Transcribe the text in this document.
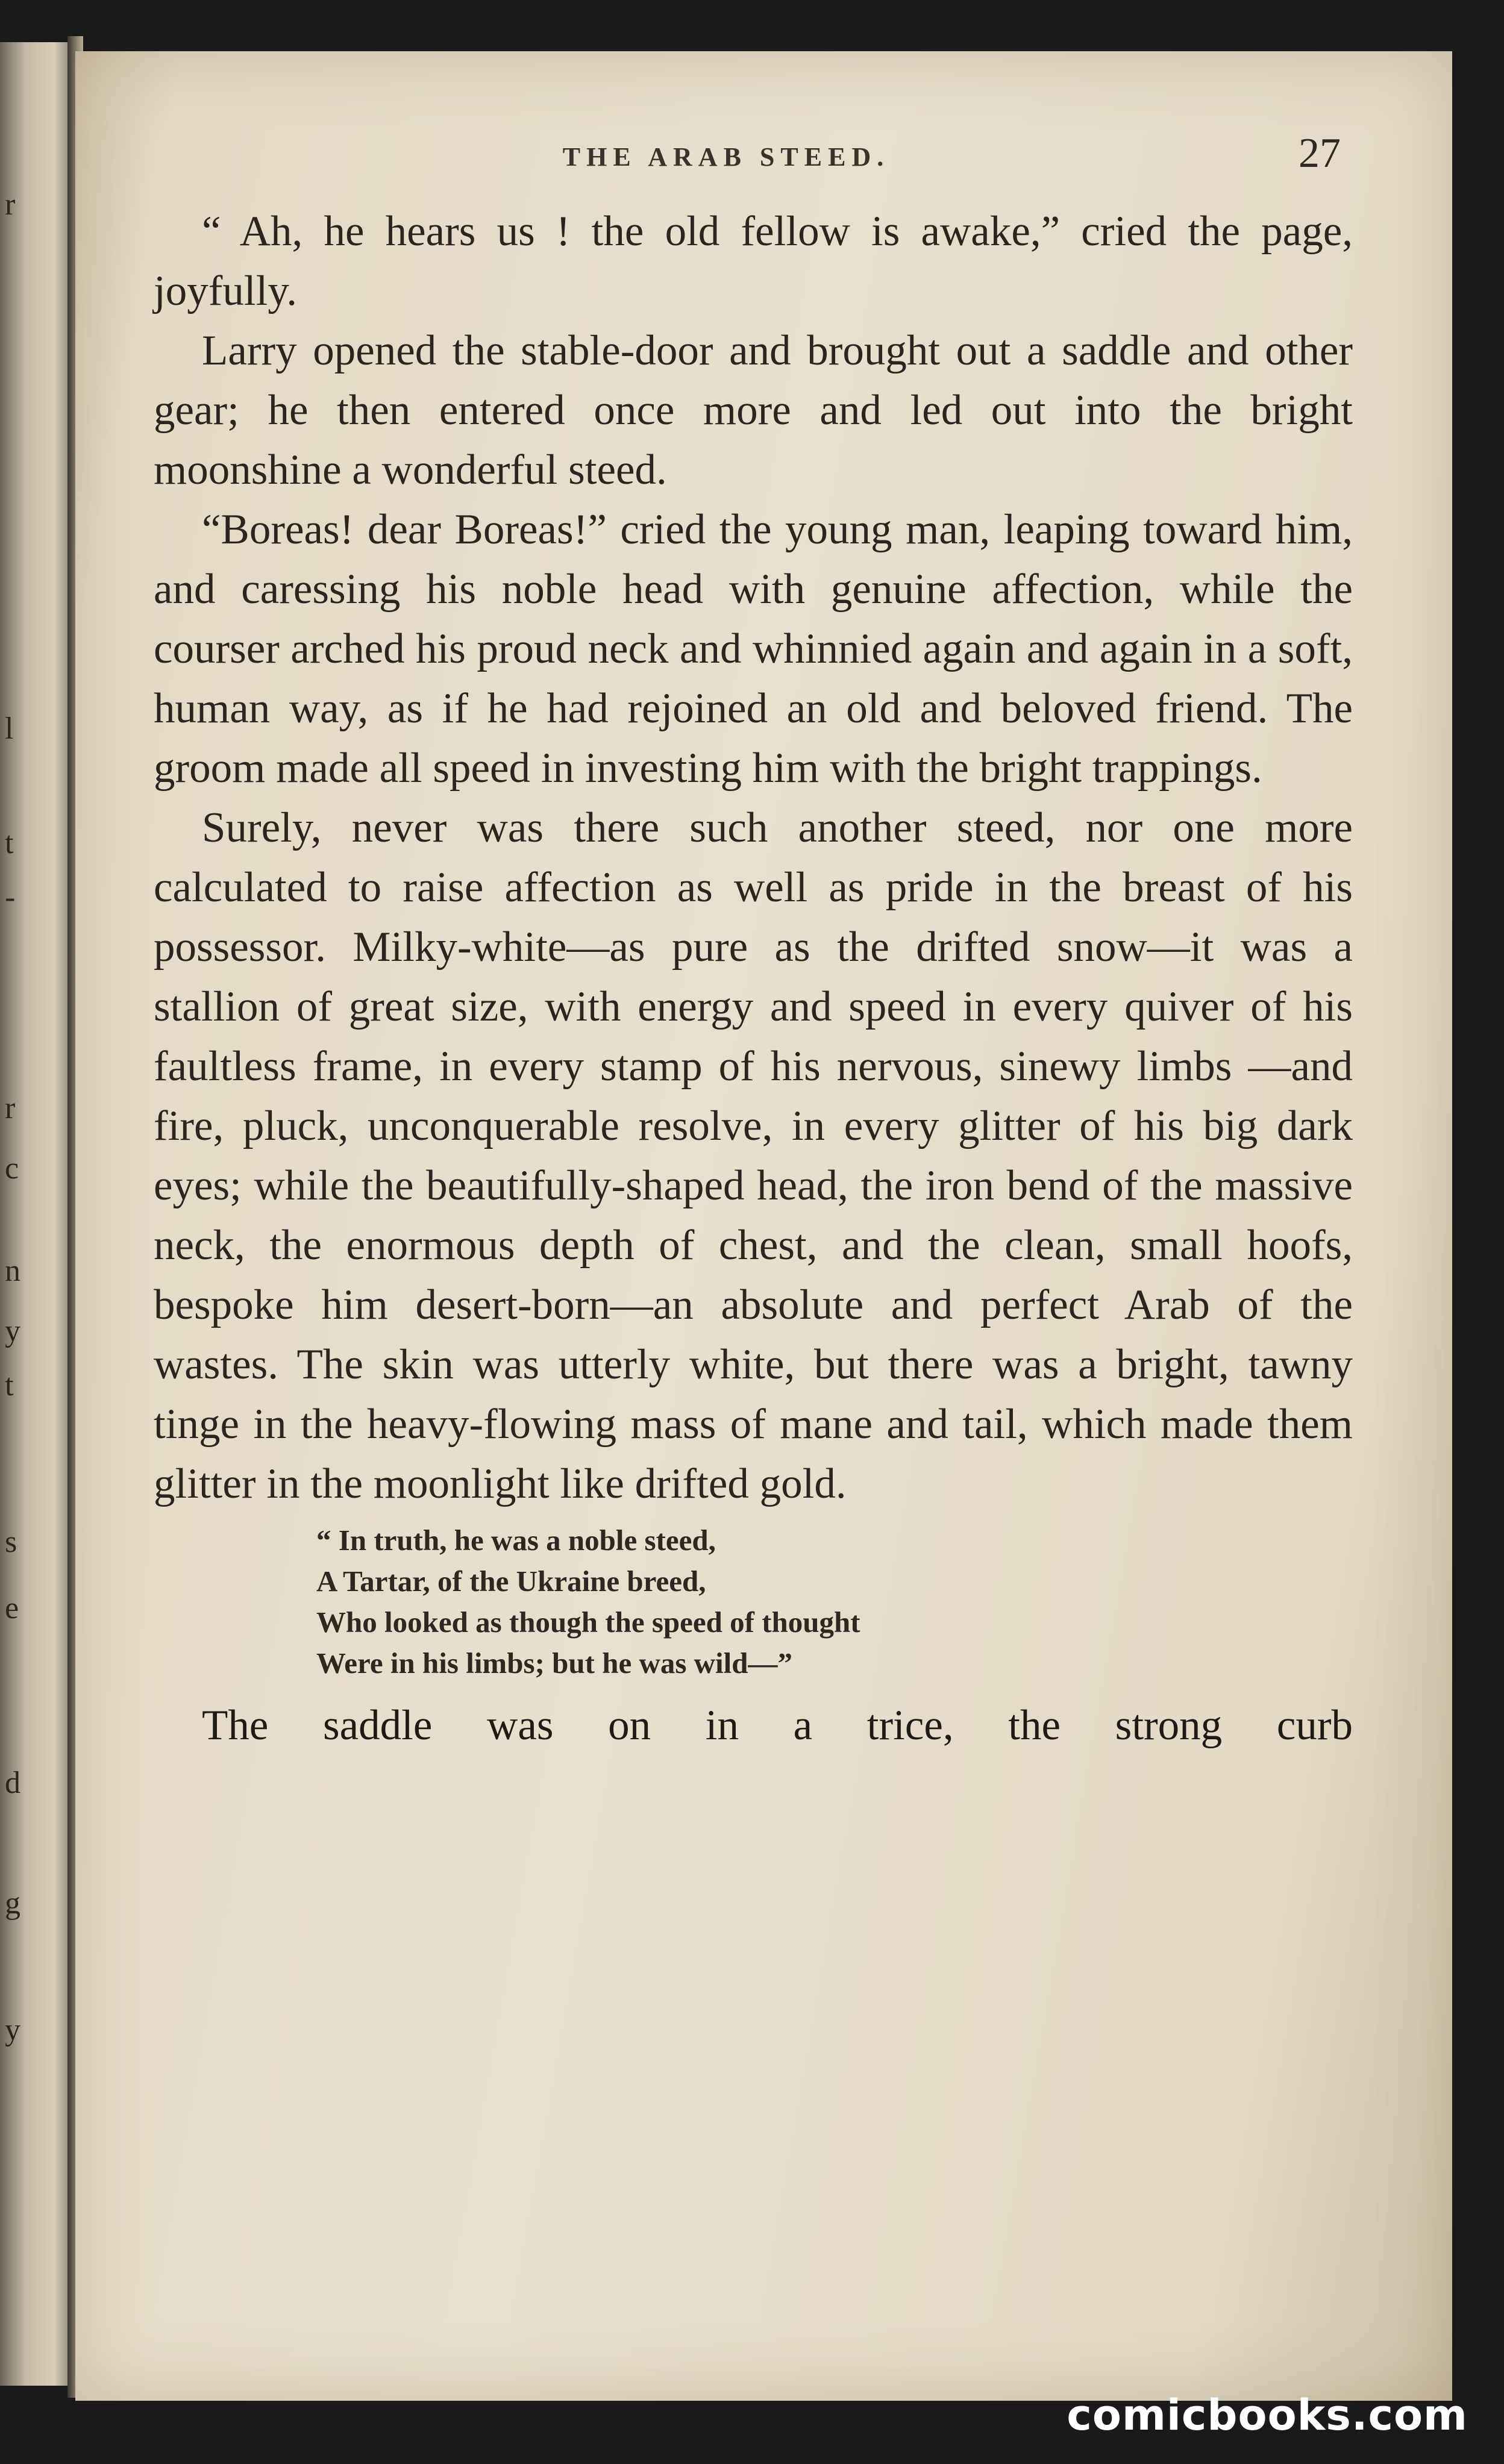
r
l
t
-
r
c
n
y
t
s
e
d
g
y
THE ARAB STEED.	27

“ Ah, he hears us ! the old fellow is awake,” cried the page, joyfully.

Larry opened the stable-door and brought out a saddle and other gear; he then entered once more and led out into the bright moonshine a wonderful steed.

“Boreas! dear Boreas!” cried the young man, leaping toward him, and caressing his noble head with genuine affection, while the courser arched his proud neck and whinnied again and again in a soft, human way, as if he had rejoined an old and beloved friend. The groom made all speed in investing him with the bright trappings.

Surely, never was there such another steed, nor one more calculated to raise affection as well as pride in the breast of his possessor. Milky-white—as pure as the drifted snow—it was a stallion of great size, with energy and speed in every quiver of his faultless frame, in every stamp of his nervous, sinewy limbs —and fire, pluck, unconquerable resolve, in every glitter of his big dark eyes; while the beautifully-shaped head, the iron bend of the massive neck, the enormous depth of chest, and the clean, small hoofs, bespoke him desert-born—an absolute and perfect Arab of the wastes. The skin was utterly white, but there was a bright, tawny tinge in the heavy-flowing mass of mane and tail, which made them glitter in the moonlight like drifted gold.

“ In truth, he was a noble steed,
A Tartar, of the Ukraine breed,
Who looked as though the speed of thought
Were in his limbs; but he was wild—”
The saddle was on in a trice, the strong curb
comicbooks.com
